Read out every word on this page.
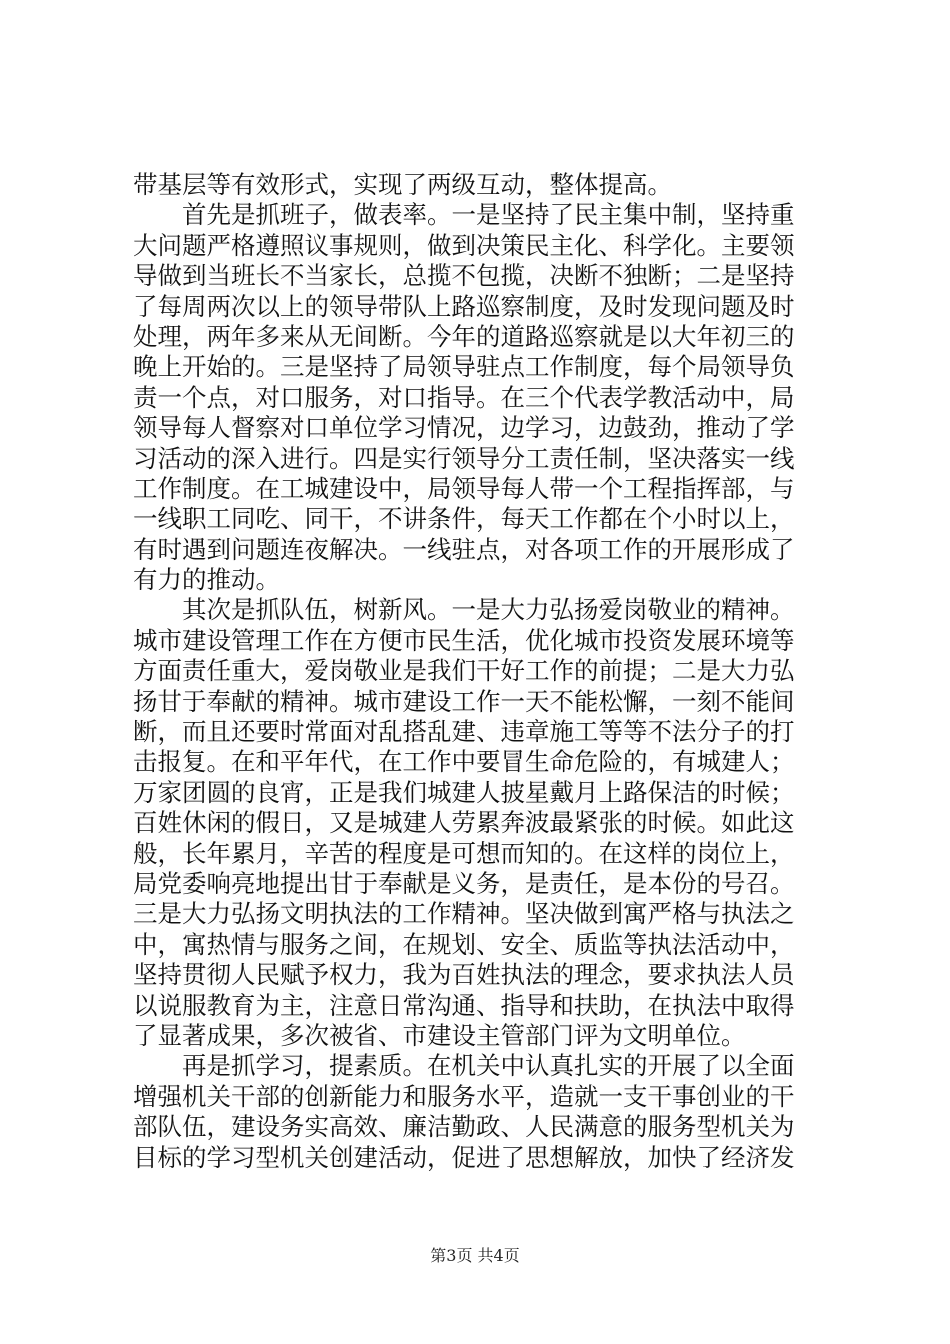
带基层等有效形式，实现了两级互动，整体提高。
首先是抓班子，做表率。一是坚持了民主集中制，坚持重
大问题严格遵照议事规则，做到决策民主化、科学化。主要领
导做到当班长不当家长，总揽不包揽，决断不独断；二是坚持
了每周两次以上的领导带队上路巡察制度，及时发现问题及时
处理，两年多来从无间断。今年的道路巡察就是以大年初三的
晚上开始的。三是坚持了局领导驻点工作制度，每个局领导负
责一个点，对口服务，对口指导。在三个代表学教活动中，局
领导每人督察对口单位学习情况，边学习，边鼓劲，推动了学
习活动的深入进行。四是实行领导分工责任制，坚决落实一线
工作制度。在工城建设中，局领导每人带一个工程指挥部，与
一线职工同吃、同干，不讲条件，每天工作都在个小时以上，
有时遇到问题连夜解决。一线驻点，对各项工作的开展形成了
有力的推动。
其次是抓队伍，树新风。一是大力弘扬爱岗敬业的精神。
城市建设管理工作在方便市民生活，优化城市投资发展环境等
方面责任重大，爱岗敬业是我们干好工作的前提；二是大力弘
扬甘于奉献的精神。城市建设工作一天不能松懈，一刻不能间
断，而且还要时常面对乱搭乱建、违章施工等等不法分子的打
击报复。在和平年代，在工作中要冒生命危险的，有城建人；
万家团圆的良宵，正是我们城建人披星戴月上路保洁的时候；
百姓休闲的假日，又是城建人劳累奔波最紧张的时候。如此这
般，长年累月，辛苦的程度是可想而知的。在这样的岗位上，
局党委响亮地提出甘于奉献是义务，是责任，是本份的号召。
三是大力弘扬文明执法的工作精神。坚决做到寓严格与执法之
中，寓热情与服务之间，在规划、安全、质监等执法活动中，
坚持贯彻人民赋予权力，我为百姓执法的理念，要求执法人员
以说服教育为主，注意日常沟通、指导和扶助，在执法中取得
了显著成果，多次被省、市建设主管部门评为文明单位。
再是抓学习，提素质。在机关中认真扎实的开展了以全面
增强机关干部的创新能力和服务水平，造就一支干事创业的干
部队伍，建设务实高效、廉洁勤政、人民满意的服务型机关为
目标的学习型机关创建活动，促进了思想解放，加快了经济发
第3页 共4页
